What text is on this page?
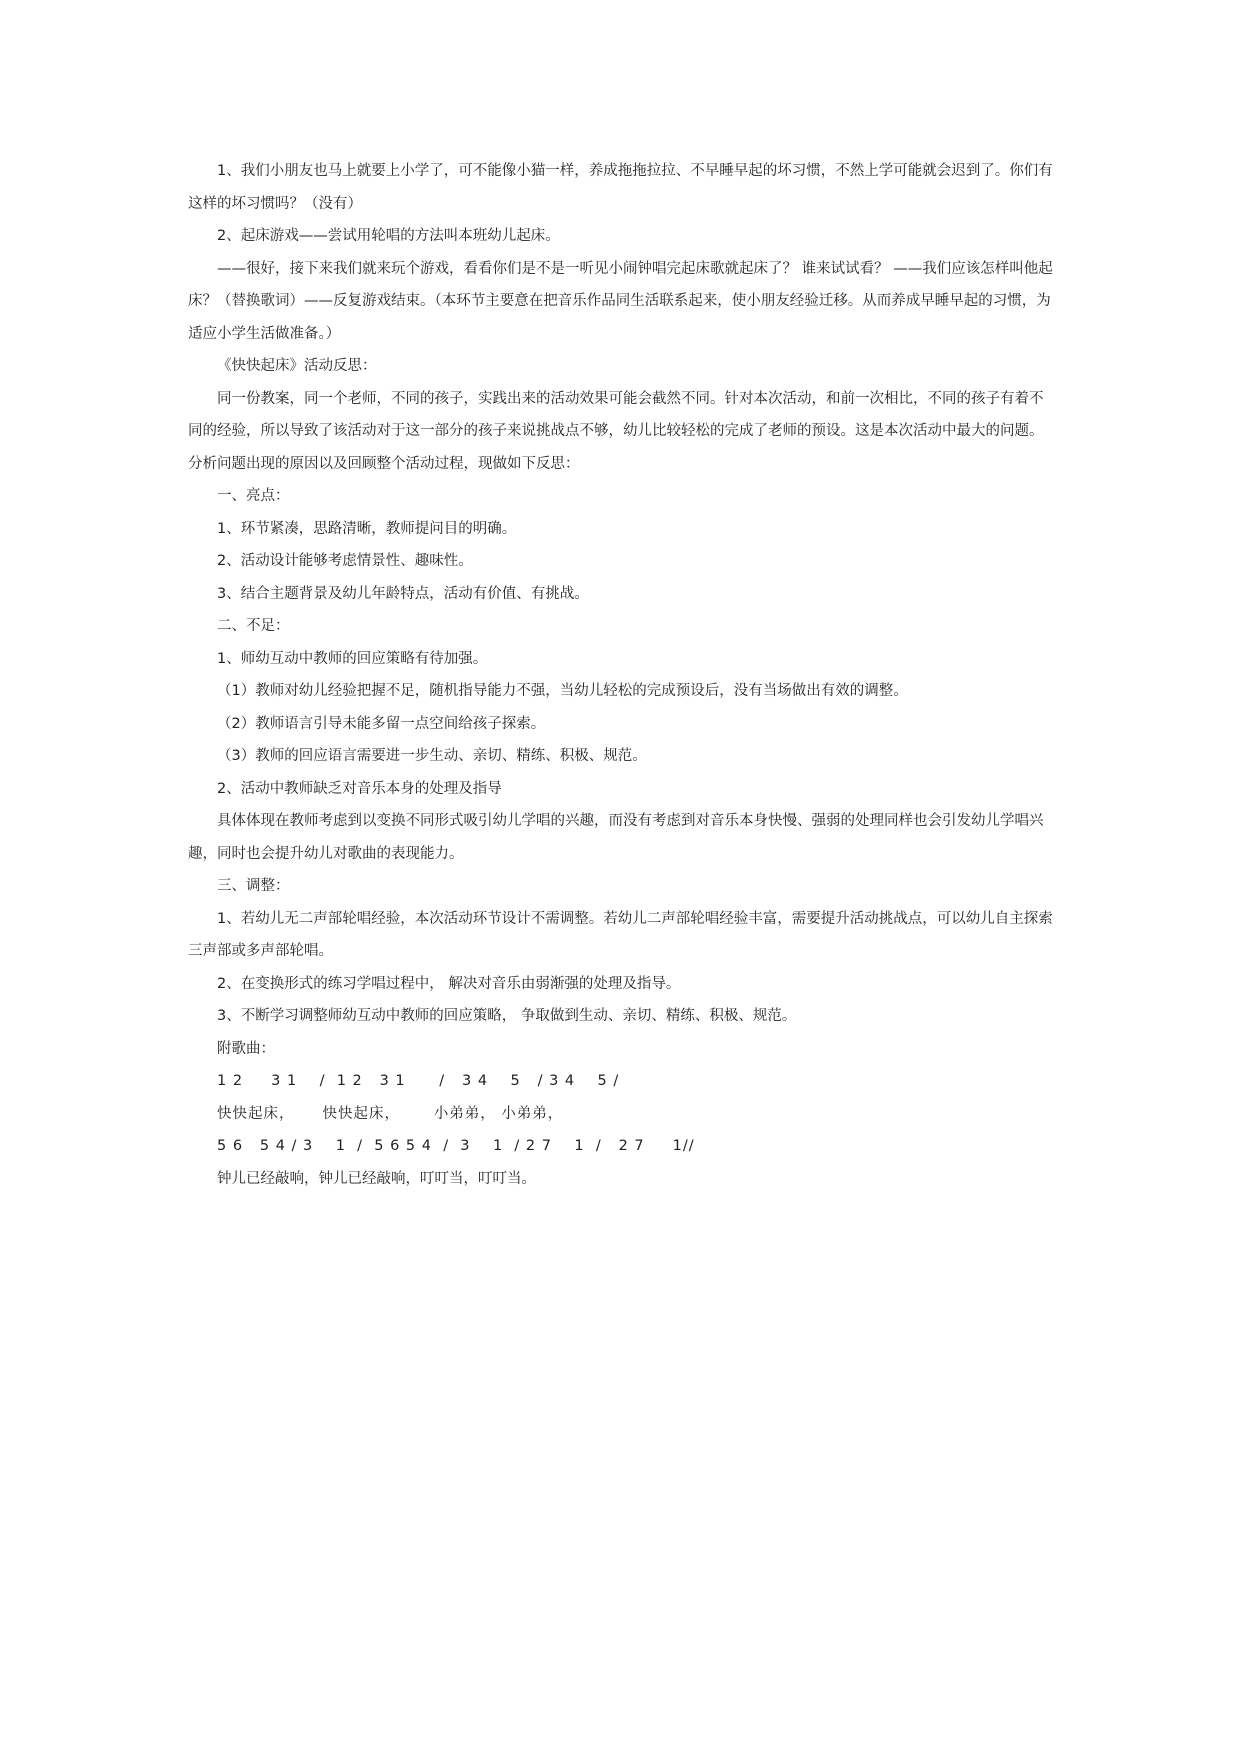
1、我们小朋友也马上就要上小学了，可不能像小猫一样，养成拖拖拉拉、不早睡早起的坏习惯，不然上学可能就会迟到了。你们有这样的坏习惯吗？（没有）

2、起床游戏——尝试用轮唱的方法叫本班幼儿起床。

——很好，接下来我们就来玩个游戏，看看你们是不是一听见小闹钟唱完起床歌就起床了？ 谁来试试看？ ——我们应该怎样叫他起床？（替换歌词）——反复游戏结束。（本环节主要意在把音乐作品同生活联系起来，使小朋友经验迁移。从而养成早睡早起的习惯，为适应小学生活做准备。）

《快快起床》活动反思：

同一份教案，同一个老师，不同的孩子，实践出来的活动效果可能会截然不同。针对本次活动，和前一次相比，不同的孩子有着不同的经验，所以导致了该活动对于这一部分的孩子来说挑战点不够，幼儿比较轻松的完成了老师的预设。这是本次活动中最大的问题。分析问题出现的原因以及回顾整个活动过程，现做如下反思：

一、亮点：

1、环节紧凑，思路清晰，教师提问目的明确。

2、活动设计能够考虑情景性、趣味性。

3、结合主题背景及幼儿年龄特点，活动有价值、有挑战。

二、不足：

1、师幼互动中教师的回应策略有待加强。

（1）教师对幼儿经验把握不足，随机指导能力不强，当幼儿轻松的完成预设后，没有当场做出有效的调整。

（2）教师语言引导未能多留一点空间给孩子探索。

（3）教师的回应语言需要进一步生动、亲切、精练、积极、规范。

2、活动中教师缺乏对音乐本身的处理及指导

具体体现在教师考虑到以变换不同形式吸引幼儿学唱的兴趣，而没有考虑到对音乐本身快慢、强弱的处理同样也会引发幼儿学唱兴趣，同时也会提升幼儿对歌曲的表现能力。

三、调整：

1、若幼儿无二声部轮唱经验，本次活动环节设计不需调整。若幼儿二声部轮唱经验丰富，需要提升活动挑战点，可以幼儿自主探索三声部或多声部轮唱。

2、在变换形式的练习学唱过程中， 解决对音乐由弱渐强的处理及指导。

3、不断学习调整师幼互动中教师的回应策略， 争取做到生动、亲切、精练、积极、规范。

附歌曲：

1 2     3 1    /  1 2   3 1      /   3 4    5   / 3 4    5 /

快快起床，     快快起床，      小弟弟， 小弟弟，

5 6   5 4 / 3    1  /  5 6 5 4  /  3    1  / 2 7    1  /   2 7     1//

钟儿已经敲响，钟儿已经敲响，叮叮当，叮叮当。
